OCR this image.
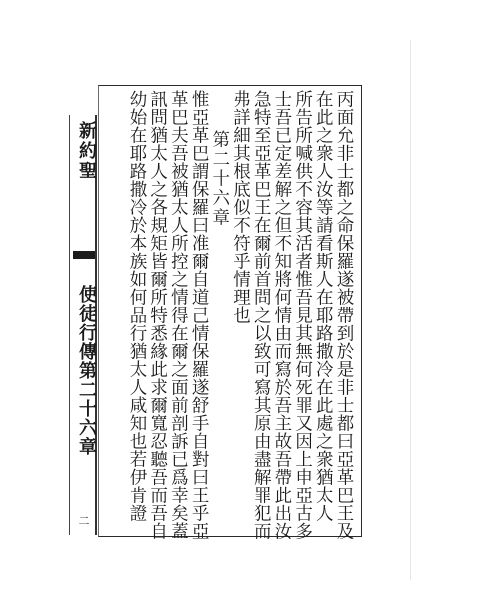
新約聖
使徒行傳第二十六章
二	丙面允非士都之命保羅遂被帶到於是非士都曰亞革巴王及
在此之衆人汝等請看斯人在耶路撒冷在此處之衆猶太人
所告所喊供不容其活者惟吾見其無何死罪又因上申亞古多
士吾已定差解之但不知將何情由而寫於吾主故吾帶此出汝
急特至亞革巴王在爾前首問之以致可寫其原由盡解罪犯而
弗詳細其根底似不符乎情理也
第二十六章
惟亞革巴謂保羅曰准爾自道己情保羅遂舒手自對曰王乎亞
革巴夫吾被猶太人所控之情得在爾之面前剖訴已爲幸矣蓋
訊問猶太人之各規矩皆爾所特悉緣此求爾寬忍聽吾而吾自
幼始在耶路撒冷於本族如何品行猶太人咸知也若伊肯證
